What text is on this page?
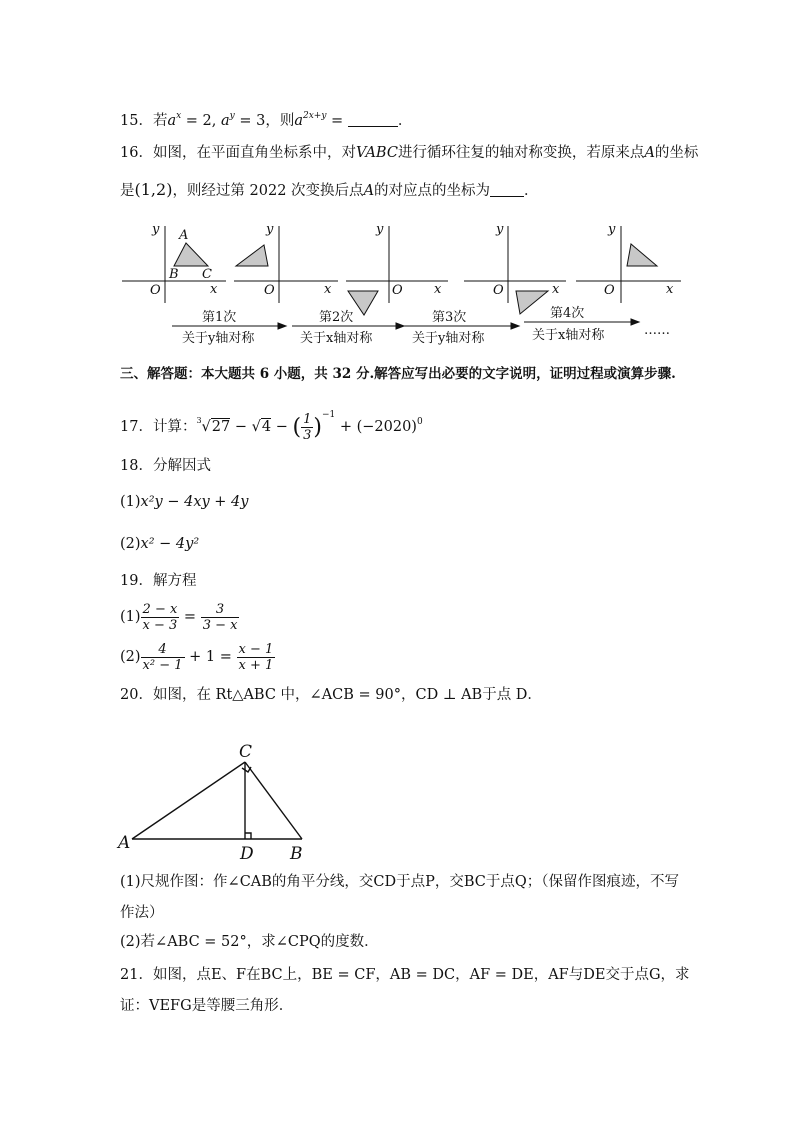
15．若$a^x = 2$, $a^y = 3$，则$a^{2x+y}$ =	．
16．如图，在平面直角坐标系中，对VABC进行循环往复的轴对称变换，若原来点A的坐标
是(1,2)，则经过第 2022 次变换后点A的对应点的坐标为 ．
y
x
O
A
B C
y
x
O
y
x
O
y
x
O
y
x
O
第1次
关于y轴对称
第2次
关于x轴对称
第3次
关于y轴对称
第4次
关于x轴对称	……
三、解答题：本大题共 6 小题，共 32 分.解答应写出必要的文字说明，证明过程或演算步骤.
17．计算：$^3$√27 − √4 − ( $\frac{1}{3} )^{-1} + (-2020)^0$
18．分解因式
(1)x²y − 4xy + 4y
(2)x² − 4y²
19．解方程
$(1) \frac{2 - x}{x - 3} = \frac{3}{3 - x}$
$(2) \frac{4}{\text{x² − 1}} + 1 = \frac{x - 1}{x + 1}$
20．如图，在 Rt△ABC 中，∠ACB = 90°，CD ⊥ AB于点 D．
A
B
C
D
(1)尺规作图：作∠CAB的角平分线，交CD于点P，交BC于点Q；（保留作图痕迹，不写
作法）
(2)若∠ABC = 52°，求∠CPQ的度数．
21．如图，点E、F在BC上，BE = CF，AB = DC，AF = DE，AF与DE交于点G，求
证：VEFG是等腰三角形．
